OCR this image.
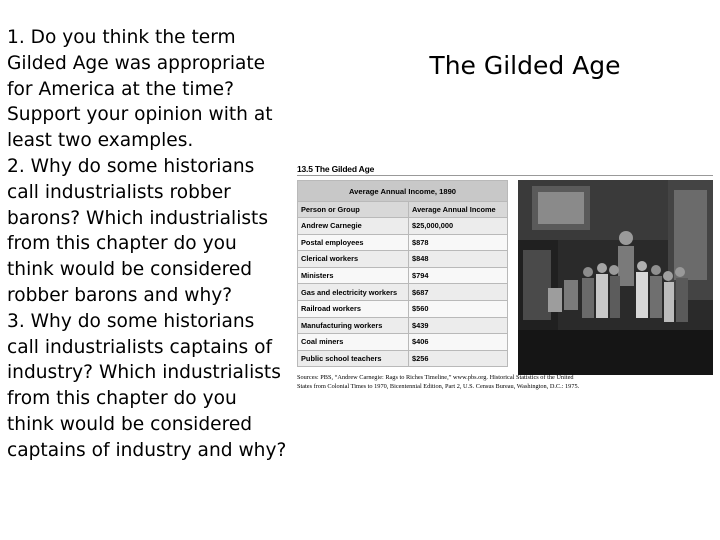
1. Do you think the term Gilded Age was appropriate for America at the time? Support your opinion with at least two examples.

2. Why do some historians call industrialists robber barons? Which industrialists from this chapter do you think would be considered robber barons and why?

3. Why do some historians call industrialists captains of industry? Which industrialists from this chapter do you think would be considered captains of industry and why?

The Gilded Age
13.5 The Gilded Age
Average Annual Income, 1890	
Person or Group	Average Annual Income
Andrew Carnegie	$25,000,000
Postal employees	$878
Clerical workers	$848
Ministers	$794
Gas and electricity workers	$687
Railroad workers	$560
Manufacturing workers	$439
Coal miners	$406
Public school teachers	$256
Sources: PBS, “Andrew Carnegie: Rags to Riches Timeline,” www.pbs.org. Historical Statistics of the United
States from Colonial Times to 1970, Bicentennial Edition, Part 2, U.S. Census Bureau, Washington, D.C.: 1975.
